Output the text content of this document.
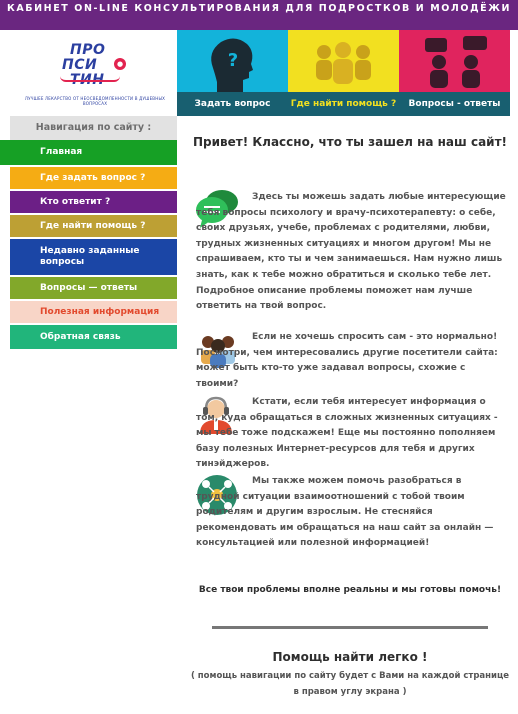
КАБИНЕТ ON-LINE КОНСУЛЬТИРОВАНИЯ ДЛЯ ПОДРОСТКОВ И МОЛОДЁЖИ
ПРО
ПСИ	●
ТИН
ЛУЧШЕЕ ЛЕКАРСТВО ОТ НЕОСВЕДОМЛЕННОСТИ В ДУШЕВНЫХ ВОПРОСАХ
?
Задать вопрос	Где найти помощь ?	Вопросы - ответы
Навигация по сайту :
Главная
Где задать вопрос ?
Кто ответит ?
Где найти помощь ?
Недавно заданные вопросы
Вопросы — ответы
Полезная информация
Обратная связь
Привет! Классно, что ты зашел на наш сайт!
Здесь ты можешь задать любые интересующие тебя вопросы психологу и врачу-психотерапевту: о себе, своих друзьях, учебе, проблемах с родителями, любви, трудных жизненных ситуациях и многом другом! Мы не спрашиваем, кто ты и чем занимаешься. Нам нужно лишь знать, как к тебе можно обратиться и сколько тебе лет. Подробное описание проблемы поможет нам лучше ответить на твой вопрос.
Если не хочешь спросить сам - это нормально! Посмотри, чем интересовались другие посетители сайта: может быть кто-то уже задавал вопросы, схожие с твоими?
Кстати, если тебя интересует информация о том, куда обращаться в сложных жизненных ситуациях - мы тебе тоже подскажем! Еще мы постоянно пополняем базу полезных Интернет-ресурсов для тебя и других тинэйджеров.
Мы также можем помочь разобраться в трудной ситуации взаимоотношений с тобой твоим родителям и другим взрослым. Не стесняйся рекомендовать им обращаться на наш сайт за онлайн — консультацией или полезной информацией!
Все твои проблемы вполне реальны и мы готовы помочь!
Помощь найти легко !
( помощь навигации по сайту будет с Вами на каждой странице в правом углу экрана )
